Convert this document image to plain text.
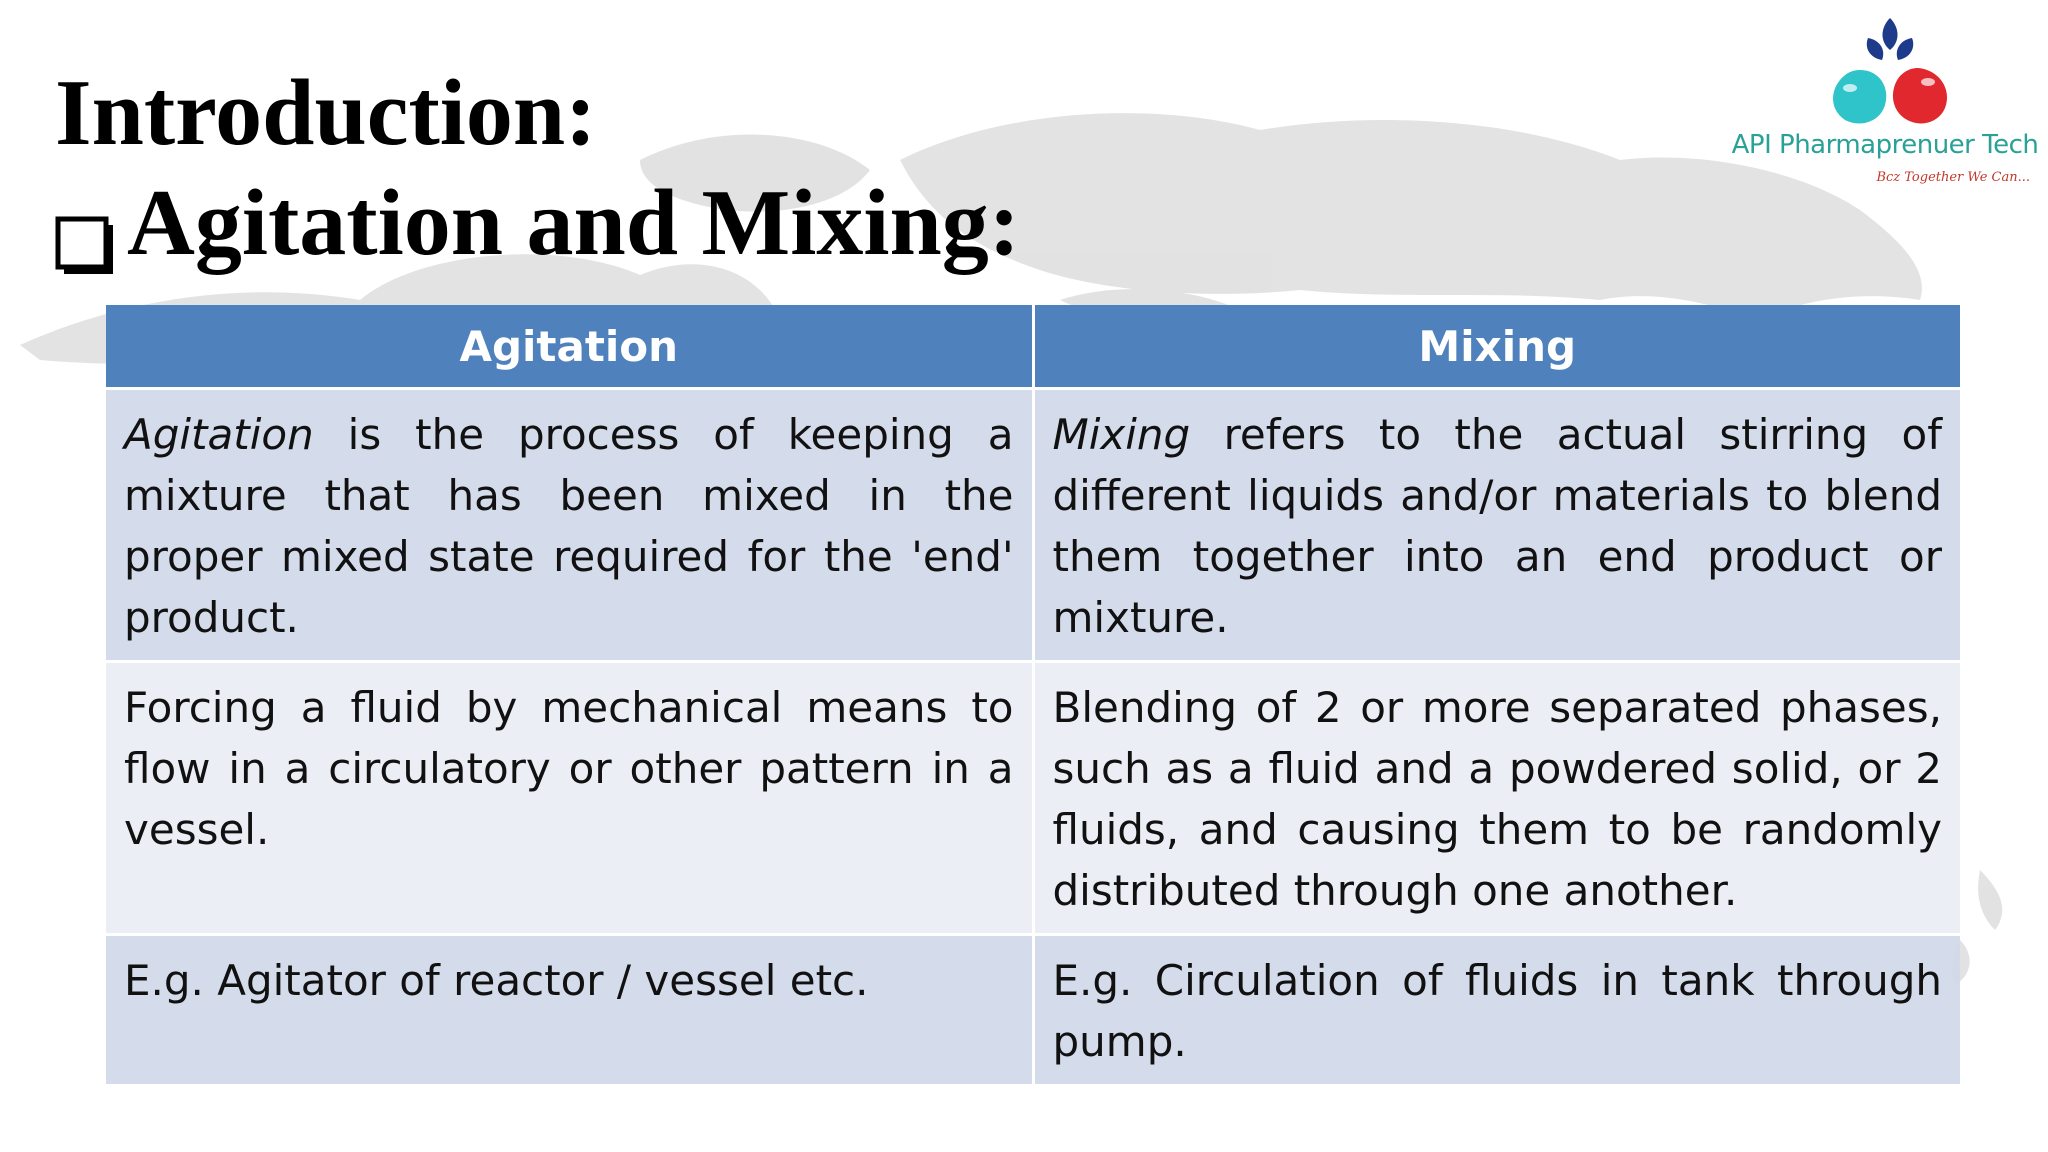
Introduction:
Agitation and Mixing:
API Pharmaprenuer Tech
Bcz Together We Can...
Agitation	Mixing
Agitation is the process of keeping a mixture that has been mixed in the proper mixed state required for the 'end' product.	Mixing refers to the actual stirring of different liquids and/or materials to blend them together into an end product or mixture.
Forcing a fluid by mechanical means to flow in a circulatory or other pattern in a vessel.	Blending of 2 or more separated phases, such as a fluid and a powdered solid, or 2 fluids, and causing them to be randomly distributed through one another.
E.g. Agitator of reactor / vessel etc.	E.g. Circulation of fluids in tank through pump.
